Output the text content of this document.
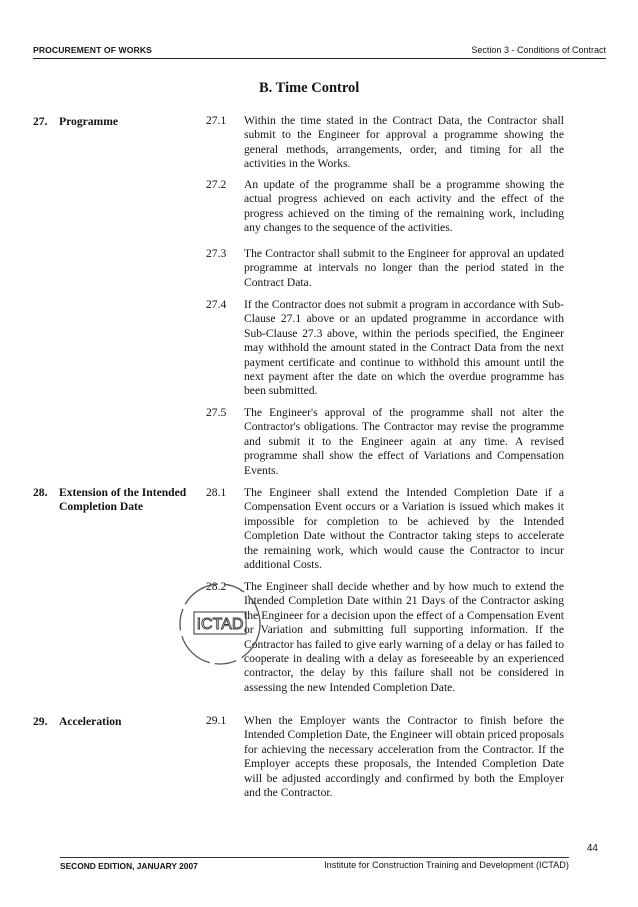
PROCUREMENT OF WORKS	Section 3 - Conditions of Contract
B. Time Control
27. Programme	27.1	Within the time stated in the Contract Data, the Contractor shall submit to the Engineer for approval a programme showing the general methods, arrangements, order, and timing for all the activities in the Works.
27.2	An update of the programme shall be a programme showing the actual progress achieved on each activity and the effect of the progress achieved on the timing of the remaining work, including any changes to the sequence of the activities.
27.3	The Contractor shall submit to the Engineer for approval an updated programme at intervals no longer than the period stated in the Contract Data.
27.4	If the Contractor does not submit a program in accordance with Sub-Clause 27.1 above or an updated programme in accordance with Sub-Clause 27.3 above, within the periods specified, the Engineer may withhold the amount stated in the Contract Data from the next payment certificate and continue to withhold this amount until the next payment after the date on which the overdue programme has been submitted.
27.5	The Engineer's approval of the programme shall not alter the Contractor's obligations. The Contractor may revise the programme and submit it to the Engineer again at any time. A revised programme shall show the effect of Variations and Compensation Events.
28. Extension of the Intended Completion Date
28.1	The Engineer shall extend the Intended Completion Date if a Compensation Event occurs or a Variation is issued which makes it impossible for completion to be achieved by the Intended Completion Date without the Contractor taking steps to accelerate the remaining work, which would cause the Contractor to incur additional Costs.
28.2	The Engineer shall decide whether and by how much to extend the Intended Completion Date within 21 Days of the Contractor asking the Engineer for a decision upon the effect of a Compensation Event or Variation and submitting full supporting information. If the Contractor has failed to give early warning of a delay or has failed to cooperate in dealing with a delay as foreseeable by an experienced contractor, the delay by this failure shall not be considered in assessing the new Intended Completion Date.
ICTAD
29. Acceleration	29.1	When the Employer wants the Contractor to finish before the Intended Completion Date, the Engineer will obtain priced proposals for achieving the necessary acceleration from the Contractor. If the Employer accepts these proposals, the Intended Completion Date will be adjusted accordingly and confirmed by both the Employer and the Contractor.
44
SECOND EDITION, JANUARY 2007	Institute for Construction Training and Development (ICTAD)
